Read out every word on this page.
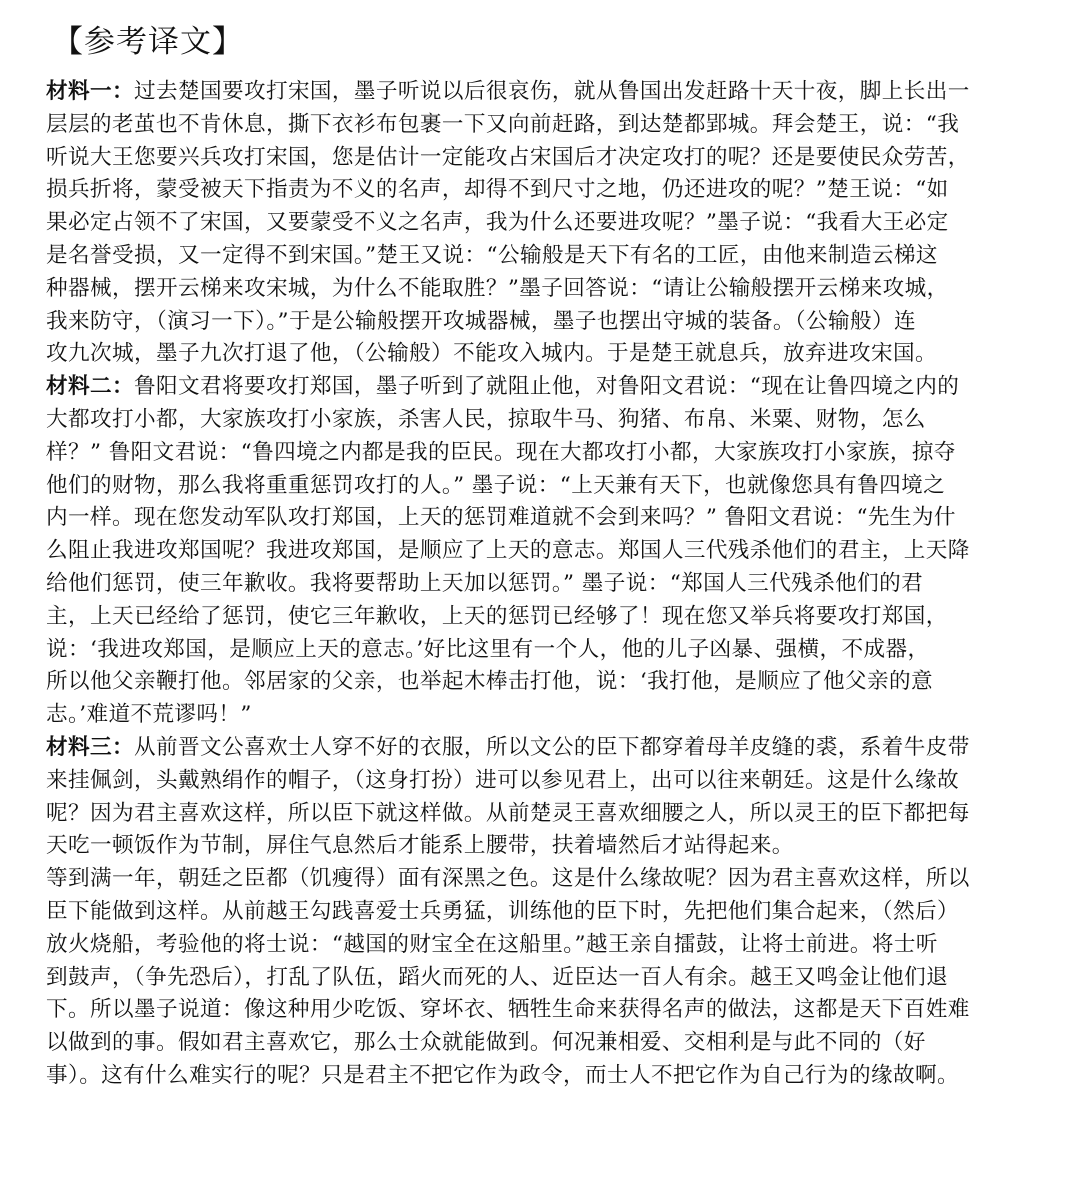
【参考译文】
材料一：过去楚国要攻打宋国，墨子听说以后很哀伤，就从鲁国出发赶路十天十夜，脚上长出一
层层的老茧也不肯休息，撕下衣衫布包裹一下又向前赶路，到达楚都郢城。拜会楚王，说：“我
听说大王您要兴兵攻打宋国，您是估计一定能攻占宋国后才决定攻打的呢？还是要使民众劳苦，
损兵折将，蒙受被天下指责为不义的名声，却得不到尺寸之地，仍还进攻的呢？”楚王说：“如
果必定占领不了宋国，又要蒙受不义之名声，我为什么还要进攻呢？”墨子说：“我看大王必定
是名誉受损，又一定得不到宋国。”楚王又说：“公输般是天下有名的工匠，由他来制造云梯这
种器械，摆开云梯来攻宋城，为什么不能取胜？”墨子回答说：“请让公输般摆开云梯来攻城，
我来防守，（演习一下）。”于是公输般摆开攻城器械，墨子也摆出守城的装备。（公输般）连
攻九次城，墨子九次打退了他，（公输般）不能攻入城内。于是楚王就息兵，放弃进攻宋国。
材料二：鲁阳文君将要攻打郑国，墨子听到了就阻止他，对鲁阳文君说：“现在让鲁四境之内的
大都攻打小都，大家族攻打小家族，杀害人民，掠取牛马、狗猪、布帛、米粟、财物，怎么
样？” 鲁阳文君说：“鲁四境之内都是我的臣民。现在大都攻打小都，大家族攻打小家族，掠夺
他们的财物，那么我将重重惩罚攻打的人。” 墨子说：“上天兼有天下，也就像您具有鲁四境之
内一样。现在您发动军队攻打郑国，上天的惩罚难道就不会到来吗？” 鲁阳文君说：“先生为什
么阻止我进攻郑国呢？我进攻郑国，是顺应了上天的意志。郑国人三代残杀他们的君主，上天降
给他们惩罚，使三年歉收。我将要帮助上天加以惩罚。” 墨子说：“郑国人三代残杀他们的君
主，上天已经给了惩罚，使它三年歉收，上天的惩罚已经够了！现在您又举兵将要攻打郑国，
说：‘我进攻郑国，是顺应上天的意志。’好比这里有一个人，他的儿子凶暴、强横，不成器，
所以他父亲鞭打他。邻居家的父亲，也举起木棒击打他，说：‘我打他，是顺应了他父亲的意
志。’难道不荒谬吗！”
材料三：从前晋文公喜欢士人穿不好的衣服，所以文公的臣下都穿着母羊皮缝的裘，系着牛皮带
来挂佩剑，头戴熟绢作的帽子，（这身打扮）进可以参见君上，出可以往来朝廷。这是什么缘故
呢？因为君主喜欢这样，所以臣下就这样做。从前楚灵王喜欢细腰之人，所以灵王的臣下都把每
天吃一顿饭作为节制，屏住气息然后才能系上腰带，扶着墙然后才站得起来。
等到满一年，朝廷之臣都（饥瘦得）面有深黑之色。这是什么缘故呢？因为君主喜欢这样，所以
臣下能做到这样。从前越王勾践喜爱士兵勇猛，训练他的臣下时，先把他们集合起来，（然后）
放火烧船，考验他的将士说：“越国的财宝全在这船里。”越王亲自擂鼓，让将士前进。将士听
到鼓声，（争先恐后），打乱了队伍，蹈火而死的人、近臣达一百人有余。越王又鸣金让他们退
下。所以墨子说道：像这种用少吃饭、穿坏衣、牺牲生命来获得名声的做法，这都是天下百姓难
以做到的事。假如君主喜欢它，那么士众就能做到。何况兼相爱、交相利是与此不同的（好
事）。这有什么难实行的呢？只是君主不把它作为政令，而士人不把它作为自己行为的缘故啊。
